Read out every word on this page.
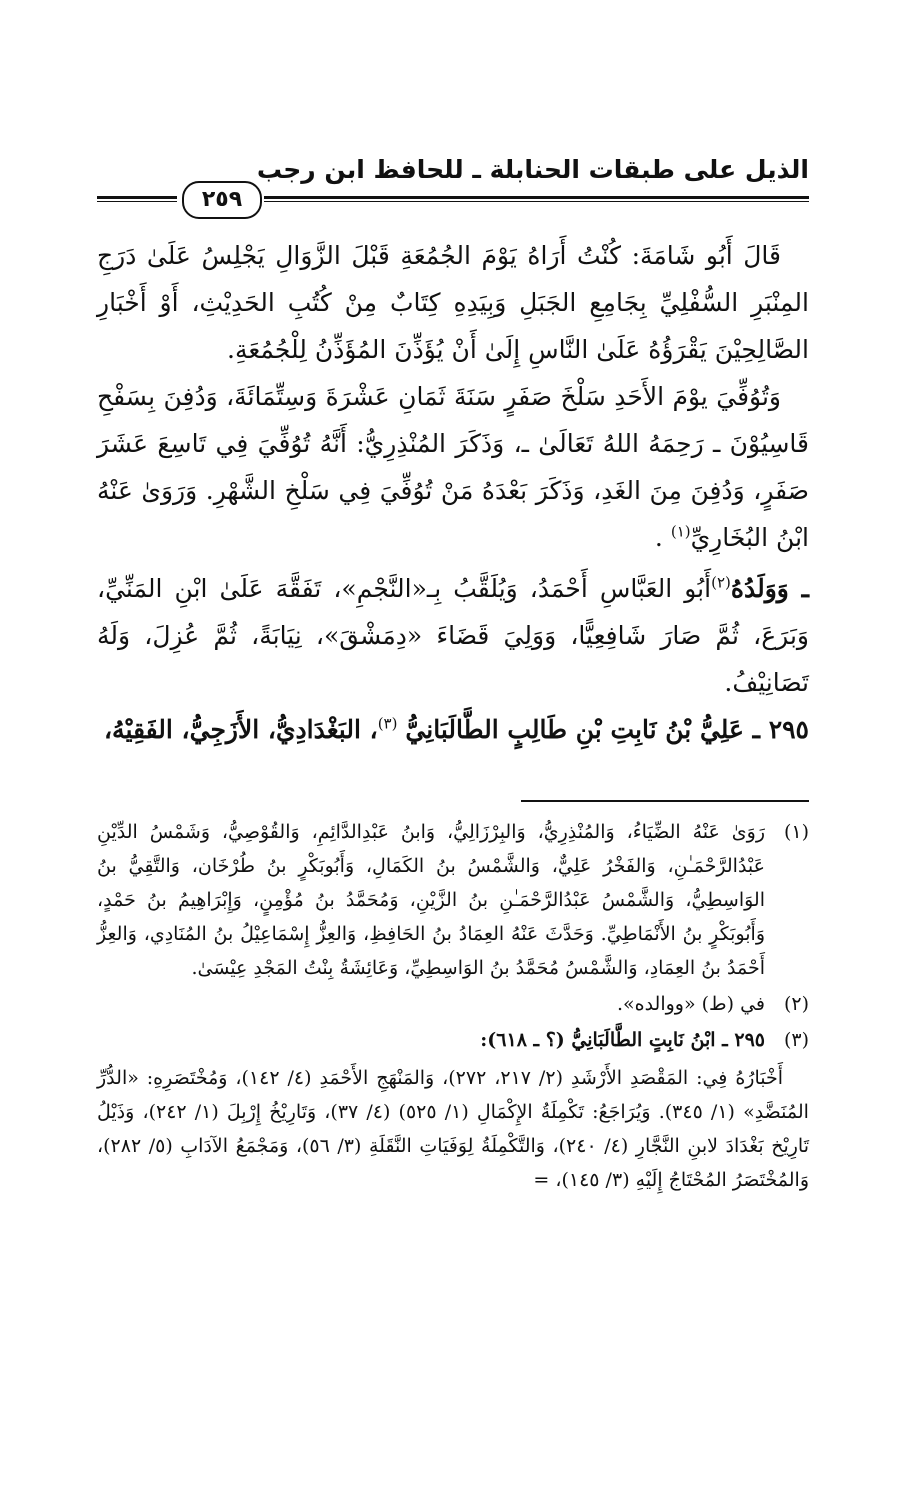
الذيل على طبقات الحنابلة ـ للحافظ ابن رجب
٢٥٩

قَالَ أَبُو شَامَةَ: كُنْتُ أَرَاهُ يَوْمَ الجُمُعَةِ قَبْلَ الزَّوَالِ يَجْلِسُ عَلَىٰ دَرَجِ المِنْبَرِ السُّفْلِيِّ بِجَامِعِ الجَبَلِ وَبِيَدِهِ كِتَابٌ مِنْ كُتُبِ الحَدِيْثِ، أَوْ أَخْبَارِ الصَّالِحِيْنَ يَقْرَؤُهُ عَلَىٰ النَّاسِ إِلَىٰ أَنْ يُؤَذِّنَ المُؤَذِّنُ لِلْجُمُعَةِ.

وَتُوُفِّيَ يوْمَ الأَحَدِ سَلْخَ صَفَرٍ سَنَةَ ثَمَانِ عَشْرَةَ وَسِتِّمَائَةَ، وَدُفِنَ بِسَفْحِ قَاسِيُوْنَ ـ رَحِمَهُ اللهُ تَعَالَىٰ ـ، وَذَكَرَ المُنْذِرِيُّ: أَنَّهُ تُوُفِّيَ فِي تَاسِعَ عَشَرَ صَفَرٍ، وَدُفِنَ مِنَ الغَدِ، وَذَكَرَ بَعْدَهُ مَنْ تُوُفِّيَ فِي سَلْخِ الشَّهْرِ. وَرَوَىٰ عَنْهُ ابْنُ البُخَارِيِّ$^{(١)}$ .

ـ وَوَلَدُهُ$^{(٢)}$أَبُو العَبَّاسِ أَحْمَدُ، وَيُلَقَّبُ بِـ«النَّجْمِ»، تَفَقَّهَ عَلَىٰ ابْنِ المَنِّيِّ، وَبَرَعَ، ثُمَّ صَارَ شَافِعِيًّا، وَوَلِيَ قَضَاءَ «دِمَشْقَ»، نِيَابَةً، ثُمَّ عُزِلَ، وَلَهُ تَصَانِيْفُ.

٢٩٥ ـ عَلِيُّ بْنُ نَابِتِ بْنِ طَالِبٍ الطَّالَبَانِيُّ $^{(٣)}$، البَغْدَادِيُّ، الأَزَجِيُّ، الفَقِيْهُ،

(١)
رَوَىٰ عَنْهُ الضِّيَاءُ، وَالمُنْذِرِيُّ، وَالبِرْزَالِيُّ، وَابنُ عَبْدِالدَّائِمِ، وَالقُوْصِيُّ، وَشَمْسُ الدِّيْنِ عَبْدُالرَّحْمَـٰنِ، وَالفَخْرُ عَلِيٌّ، وَالشَّمْسُ بنُ الكَمَالِ، وَأَبُوبَكْرٍ بنُ طُرْخَان، وَالتَّقِيُّ بنُ الوَاسِطِيُّ، وَالشَّمْسُ عَبْدُالرَّحْمَـٰنِ بنُ الزَّيْنِ، وَمُحَمَّدُ بنُ مُؤْمِنٍ، وَإِبْرَاهِيمُ بنُ حَمْدٍ، وَأَبُوبَكْرٍ بنُ الأَنْمَاطِيِّ. وَحَدَّثَ عَنْهُ العِمَادُ بنُ الحَافِظِ، وَالعِزُّ إِسْمَاعِيْلُ بنُ المُنَادِي، وَالعِزُّ أَحْمَدُ بنُ العِمَادِ، وَالشَّمْسُ مُحَمَّدُ بنُ الوَاسِطِيِّ، وَعَائِشَةُ بِنْتُ المَجْدِ عِيْسَىٰ.
(٢)
في (ط) «ووالده».
(٣)
٢٩٥ ـ ابْنُ نَابِتٍ الطَّالَبَانِيُّ (؟ ـ ٦١٨):

أَخْبَارُهُ فِي: المَقْصَدِ الأَرْشَدِ (٢/ ٢١٧، ٢٧٢)، وَالمَنْهَجِ الأَحْمَدِ (٤/ ١٤٢)، وَمُخْتَصَرِهِ: «الدُّرِّ المُنَضَّدِ» (١/ ٣٤٥). وَيُرَاجَعُ: تَكْمِلَةُ الإِكْمَالِ (١/ ٥٢٥) (٤/ ٣٧)، وَتَارِيْخُ إِرْبِلَ (١/ ٢٤٢)، وَذَيْلُ تَارِيْخ بَغْدَادَ لابنِ النَّجَّارِ (٤/ ٢٤٠)، وَالتَّكْمِلَةُ لِوَفَيَاتِ النَّقَلَةِ (٣/ ٥٦)، وَمَجْمَعُ الآدَابِ (٥/ ٢٨٢)، وَالمُخْتَصَرُ المُحْتَاجُ إِلَيْهِ (٣/ ١٤٥)، =
